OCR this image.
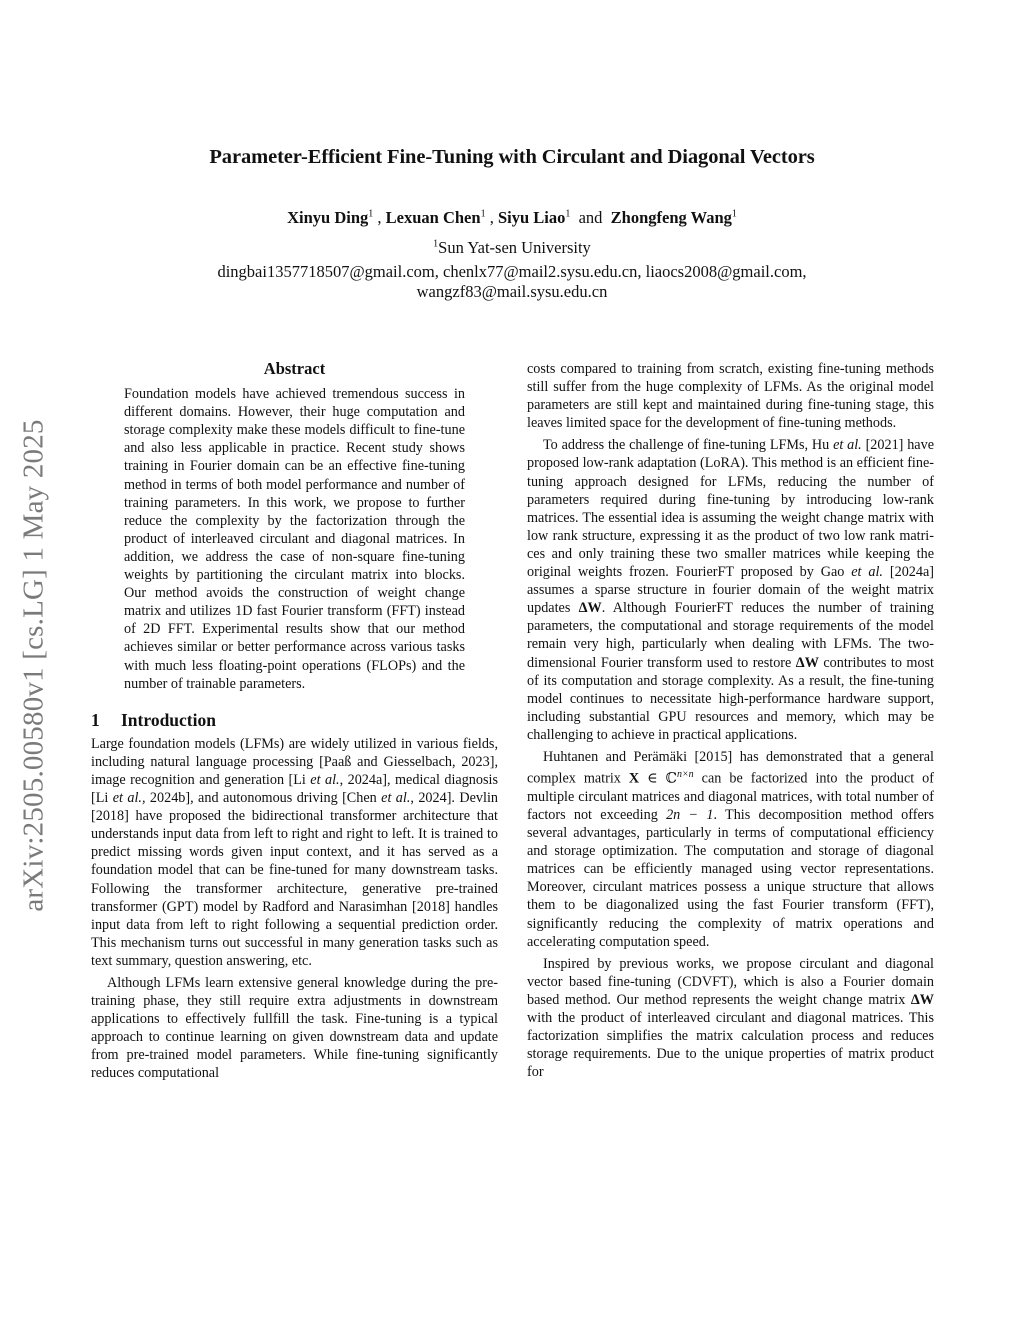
Parameter-Efficient Fine-Tuning with Circulant and Diagonal Vectors
Xinyu Ding$^1$ , Lexuan Chen$^1$ , Siyu Liao$^1$ and Zhongfeng Wang$^1$
$^1$Sun Yat-sen University
dingbai1357718507@gmail.com, chenlx77@mail2.sysu.edu.cn, liaocs2008@gmail.com,
wangzf83@mail.sysu.edu.cn
arXiv:2505.00580v1 [cs.LG] 1 May 2025
Abstract
Foundation models have achieved tremendous success in different domains. However, their huge computation and storage complexity make these models difficult to fine-tune and also less applicable in practice. Recent study shows training in Fourier domain can be an effective fine-tuning method in terms of both model performance and number of training parameters. In this work, we propose to further reduce the complexity by the factorization through the product of interleaved circulant and diagonal matrices. In addition, we address the case of non-square fine-tuning weights by partitioning the circulant matrix into blocks. Our method avoids the construction of weight change matrix and utilizes 1D fast Fourier transform (FFT) instead of 2D FFT. Experimental results show that our method achieves similar or better performance across various tasks with much less floating-point operations (FLOPs) and the number of trainable parameters.
1 Introduction

Large foundation models (LFMs) are widely utilized in various fields, including natural language processing [Paaß and Giesselbach, 2023], image recognition and generation [Li et al., 2024a], medical diagnosis [Li et al., 2024b], and autonomous driving [Chen et al., 2024]. Devlin [2018] have proposed the bidirectional transformer architecture that understands input data from left to right and right to left. It is trained to predict missing words given input context, and it has served as a foundation model that can be fine-tuned for many downstream tasks. Following the transformer architecture, generative pre-trained transformer (GPT) model by Radford and Narasimhan [2018] handles input data from left to right following a sequential prediction order. This mechanism turns out successful in many generation tasks such as text summary, question answering, etc.

Although LFMs learn extensive general knowledge during the pre-training phase, they still require extra adjustments in downstream applications to effectively fullfill the task. Fine-tuning is a typical approach to continue learning on given downstream data and update from pre-trained model parameters. While fine-tuning significantly reduces computational

costs compared to training from scratch, existing fine-tuning methods still suffer from the huge complexity of LFMs. As the original model parameters are still kept and maintained during fine-tuning stage, this leaves limited space for the development of fine-tuning methods.

To address the challenge of fine-tuning LFMs, Hu et al. [2021] have proposed low-rank adaptation (LoRA). This method is an efficient fine-tuning approach designed for LFMs, reducing the number of parameters required during fine-tuning by introducing low-rank matrices. The essential idea is assuming the weight change matrix with low rank structure, expressing it as the product of two low rank matrices and only training these two smaller matrices while keeping the original weights frozen. FourierFT proposed by Gao et al. [2024a] assumes a sparse structure in fourier domain of the weight matrix updates ΔW. Although FourierFT reduces the number of training parameters, the computational and storage requirements of the model remain very high, particularly when dealing with LFMs. The two-dimensional Fourier transform used to restore ΔW contributes to most of its computation and storage complexity. As a result, the fine-tuning model continues to necessitate high-performance hardware support, including substantial GPU resources and memory, which may be challenging to achieve in practical applications.

Huhtanen and Perämäki [2015] has demonstrated that a general complex matrix X ∈ ℂ$^{n\times n}$ can be factorized into the product of multiple circulant matrices and diagonal matrices, with total number of factors not exceeding 2n − 1. This decomposition method offers several advantages, particularly in terms of computational efficiency and storage optimization. The computation and storage of diagonal matrices can be efficiently managed using vector representations. Moreover, circulant matrices possess a unique structure that allows them to be diagonalized using the fast Fourier transform (FFT), significantly reducing the complexity of matrix operations and accelerating computation speed.

Inspired by previous works, we propose circulant and diagonal vector based fine-tuning (CDVFT), which is also a Fourier domain based method. Our method represents the weight change matrix ΔW with the product of interleaved circulant and diagonal matrices. This factorization simplifies the matrix calculation process and reduces storage requirements. Due to the unique properties of matrix product for
